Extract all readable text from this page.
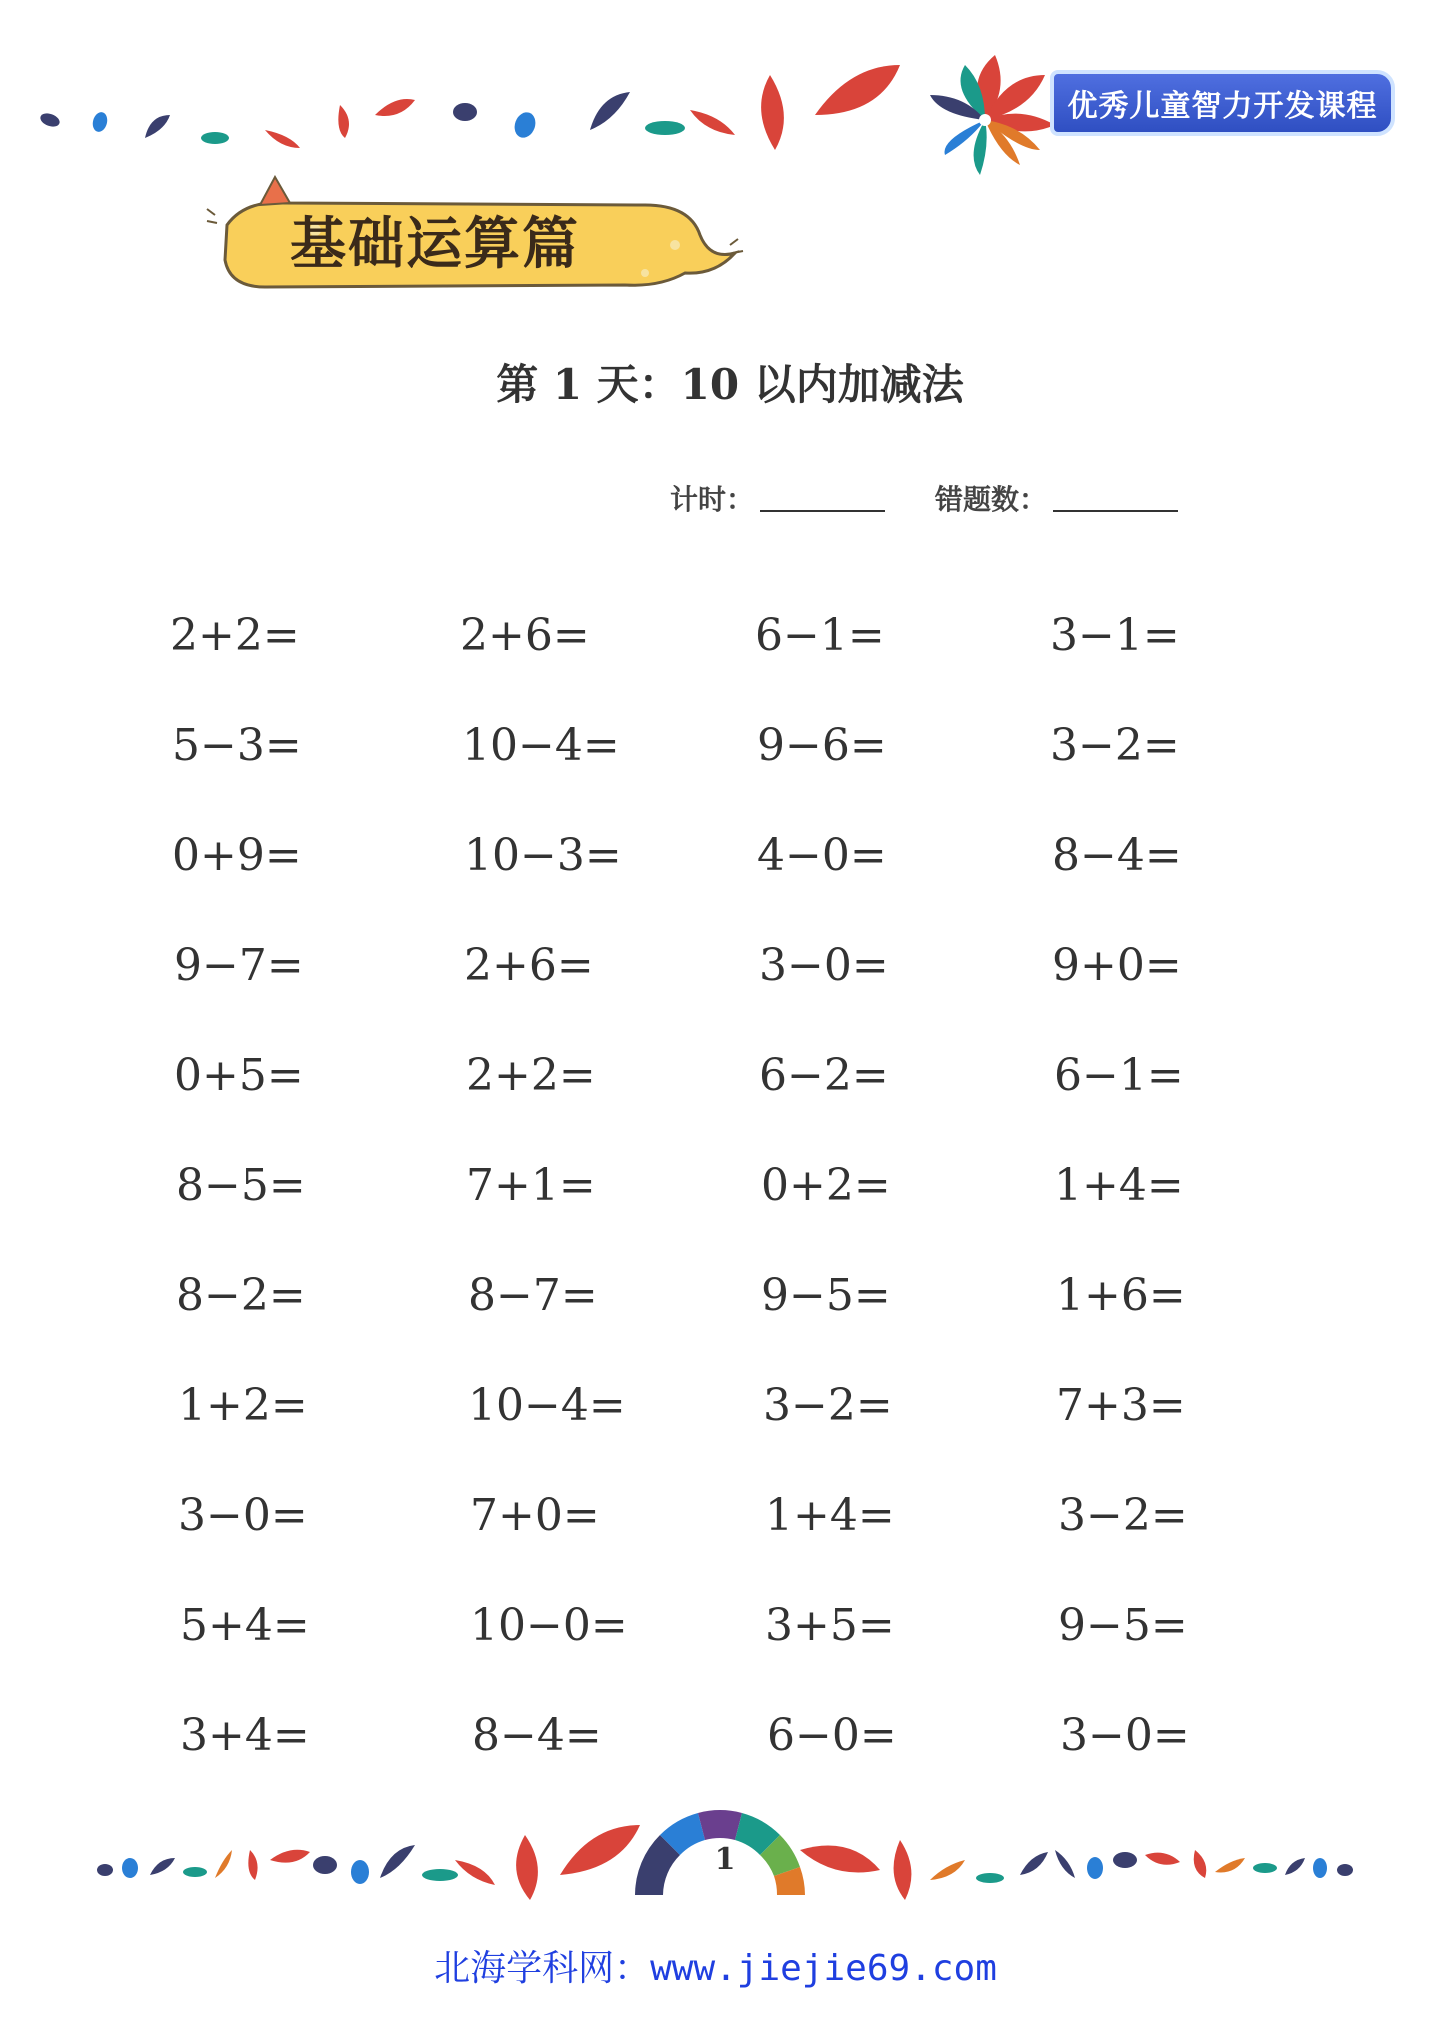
优秀儿童智力开发课程
基础运算篇
第 1 天：10 以内加减法
计时：	错题数：
2+2=	2+6=	6−1=	3−1=
5−3=	10−4=	9−6=	3−2=
0+9=	10−3=	4−0=	8−4=
9−7=	2+6=	3−0=	9+0=
0+5=	2+2=	6−2=	6−1=
8−5=	7+1=	0+2=	1+4=
8−2=	8−7=	9−5=	1+6=
1+2=	10−4=	3−2=	7+3=
3−0=	7+0=	1+4=	3−2=
5+4=	10−0=	3+5=	9−5=
3+4=	8−4=	6−0=	3−0=
1
北海学科网：www.jiejie69.com
